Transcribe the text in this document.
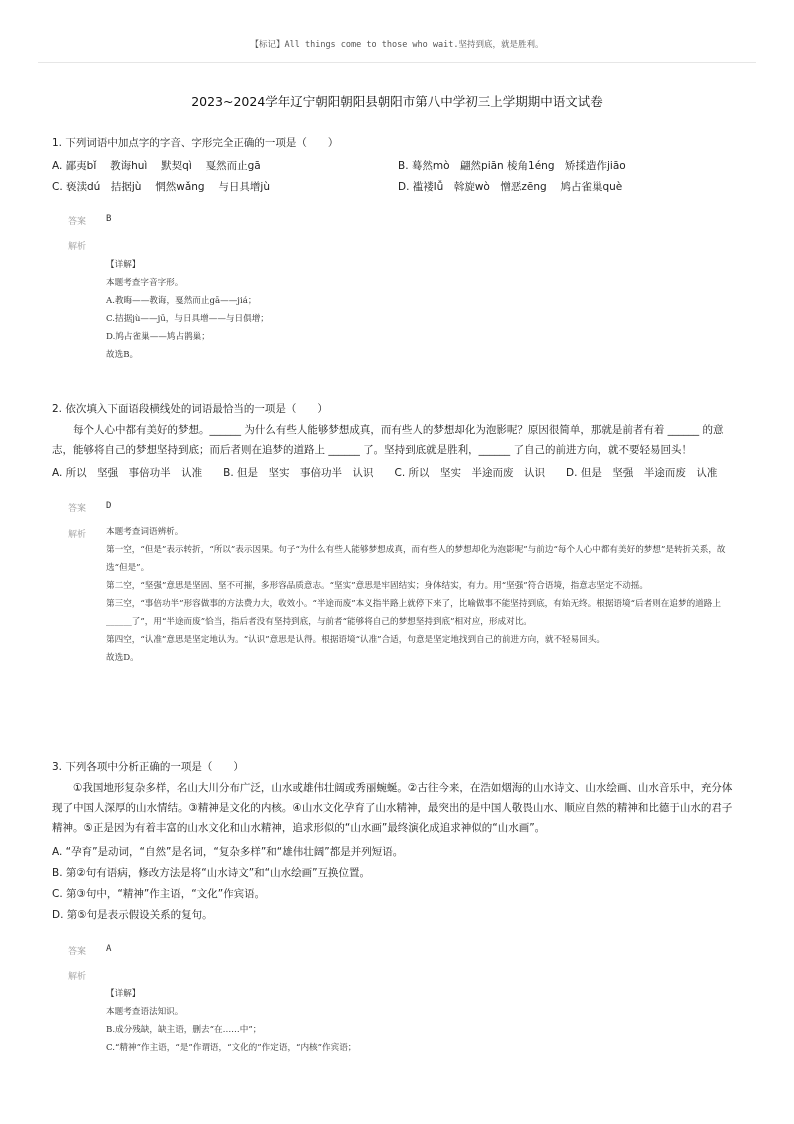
【标记】All things come to those who wait.坚持到底，就是胜利。
2023~2024学年辽宁朝阳朝阳县朝阳市第八中学初三上学期期中语文试卷
1. 下列词语中加点字的字音、字形完全正确的一项是（　　）
A. 鄙夷bǐ　 教诲huì　 默契qì　 戛然而止gā	B. 蓦然mò　翩然piān 棱角1éng　矫揉造作jiāo
C. 亵渎dú　拮据jù　 惘然wǎng　 与日具增jù	D. 褴褛lǚ　斡旋wò　憎恶zēng　 鸠占雀巢què
答案 B
解析
【详解】
本题考查字音字形。
A.教晦——教诲，戛然而止gā——jiá；
C.拮据jù——jū，与日具增——与日俱增；
D.鸠占雀巢——鸠占鹊巢；
故选B。
2. 依次填入下面语段横线处的词语最恰当的一项是（　　）
每个人心中都有美好的梦想。______ 为什么有些人能够梦想成真，而有些人的梦想却化为泡影呢？原因很简单，那就是前者有着 ______ 的意志，能够将自己的梦想坚持到底；而后者则在追梦的道路上 ______ 了。坚持到底就是胜利，______ 了自己的前进方向，就不要轻易回头！
A. 所以　坚强　事倍功半　认准　　B. 但是　坚实　事倍功半　认识　　C. 所以　坚实　半途而废　认识　　D. 但是　坚强　半途而废　认准
答案 D
解析 本题考查词语辨析。
第一空，“但是”表示转折，“所以”表示因果。句子“为什么有些人能够梦想成真，而有些人的梦想却化为泡影呢”与前边“每个人心中都有美好的梦想”是转折关系，故选“但是”。
第二空，“坚强”意思是坚固、坚不可摧，多形容品质意志。“坚实”意思是牢固结实；身体结实，有力。用“坚强”符合语境，指意志坚定不动摇。
第三空，“事倍功半”形容做事的方法费力大，收效小。“半途而废”本义指半路上就停下来了，比喻做事不能坚持到底，有始无终。根据语境“后者则在追梦的道路上______了”，用“半途而废”恰当，指后者没有坚持到底，与前者“能够将自己的梦想坚持到底”相对应，形成对比。
第四空，“认准”意思是坚定地认为。“认识”意思是认得。根据语境“认准”合适，句意是坚定地找到自己的前进方向，就不轻易回头。
故选D。
3. 下列各项中分析正确的一项是（　　）
①我国地形复杂多样，名山大川分布广泛，山水或雄伟壮阔或秀丽蜿蜒。②古往今来，在浩如烟海的山水诗文、山水绘画、山水音乐中，充分体现了中国人深厚的山水情结。③精神是文化的内核。④山水文化孕育了山水精神，最突出的是中国人敬畏山水、顺应自然的精神和比德于山水的君子精神。⑤正是因为有着丰富的山水文化和山水精神，追求形似的“山水画”最终演化成追求神似的“山水画”。
A. “孕育”是动词，“自然”是名词，“复杂多样”和“雄伟壮阔”都是并列短语。
B. 第②句有语病，修改方法是将“山水诗文”和“山水绘画”互换位置。
C. 第③句中，“精神”作主语，“文化”作宾语。
D. 第⑤句是表示假设关系的复句。
答案 A
解析
【详解】
本题考查语法知识。
B.成分残缺，缺主语，删去“在……中”；
C.“精神”作主语，“是”作谓语，“文化的”作定语，“内核”作宾语；
